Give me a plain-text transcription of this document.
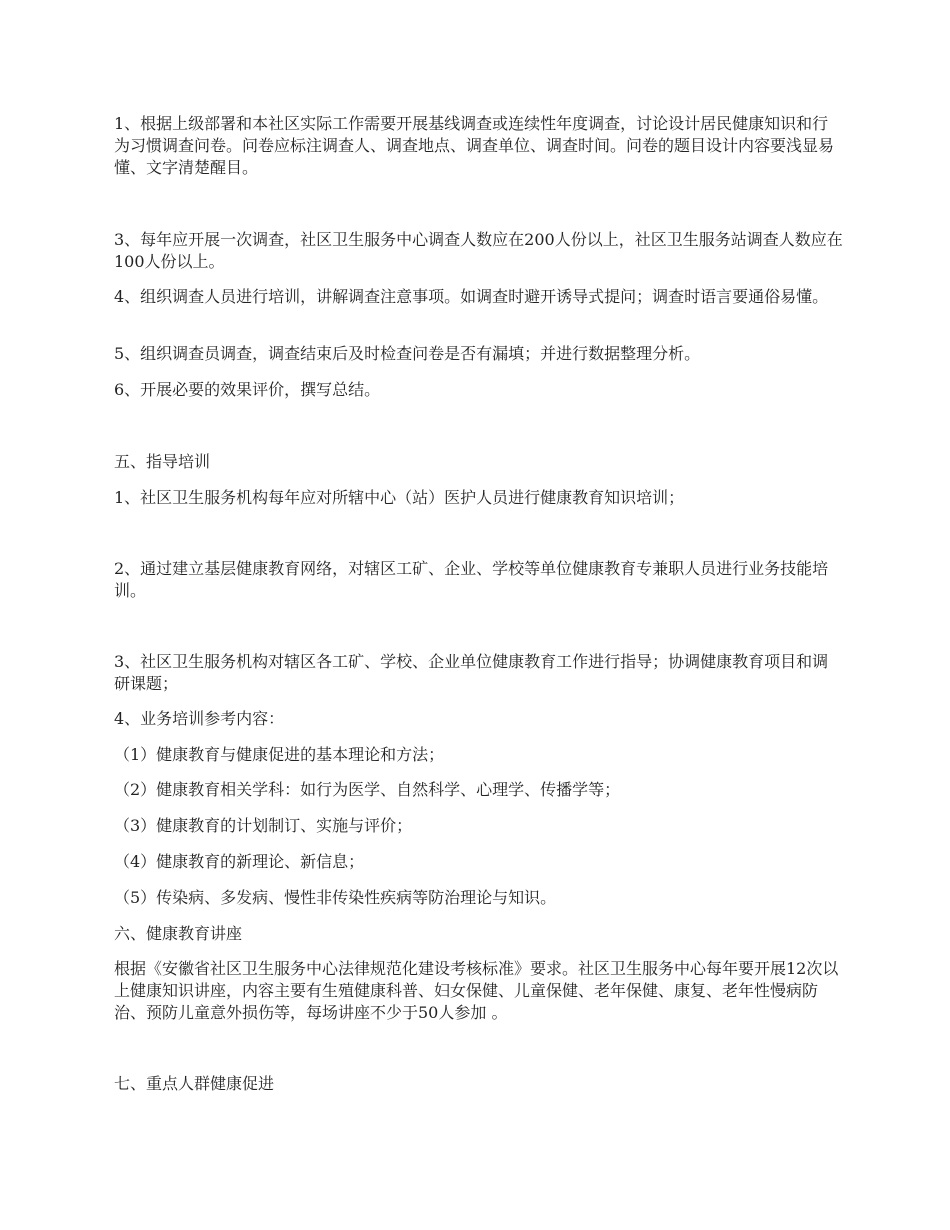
1、根据上级部署和本社区实际工作需要开展基线调查或连续性年度调查，讨论设计居民健康知识和行为习惯调查问卷。问卷应标注调查人、调查地点、调查单位、调查时间。问卷的题目设计内容要浅显易懂、文字清楚醒目。

3、每年应开展一次调查，社区卫生服务中心调查人数应在200人份以上，社区卫生服务站调查人数应在100人份以上。

4、组织调查人员进行培训，讲解调查注意事项。如调查时避开诱导式提问；调查时语言要通俗易懂。

5、组织调查员调查，调查结束后及时检查问卷是否有漏填；并进行数据整理分析。

6、开展必要的效果评价，撰写总结。

五、指导培训

1、社区卫生服务机构每年应对所辖中心（站）医护人员进行健康教育知识培训；

2、通过建立基层健康教育网络，对辖区工矿、企业、学校等单位健康教育专兼职人员进行业务技能培训。

3、社区卫生服务机构对辖区各工矿、学校、企业单位健康教育工作进行指导；协调健康教育项目和调研课题；

4、业务培训参考内容：

（1）健康教育与健康促进的基本理论和方法；

（2）健康教育相关学科：如行为医学、自然科学、心理学、传播学等；

（3）健康教育的计划制订、实施与评价；

（4）健康教育的新理论、新信息；

（5）传染病、多发病、慢性非传染性疾病等防治理论与知识。

六、健康教育讲座

根据《安徽省社区卫生服务中心法律规范化建设考核标准》要求。社区卫生服务中心每年要开展12次以上健康知识讲座，内容主要有生殖健康科普、妇女保健、儿童保健、老年保健、康复、老年性慢病防治、预防儿童意外损伤等，每场讲座不少于50人参加 。

七、重点人群健康促进
